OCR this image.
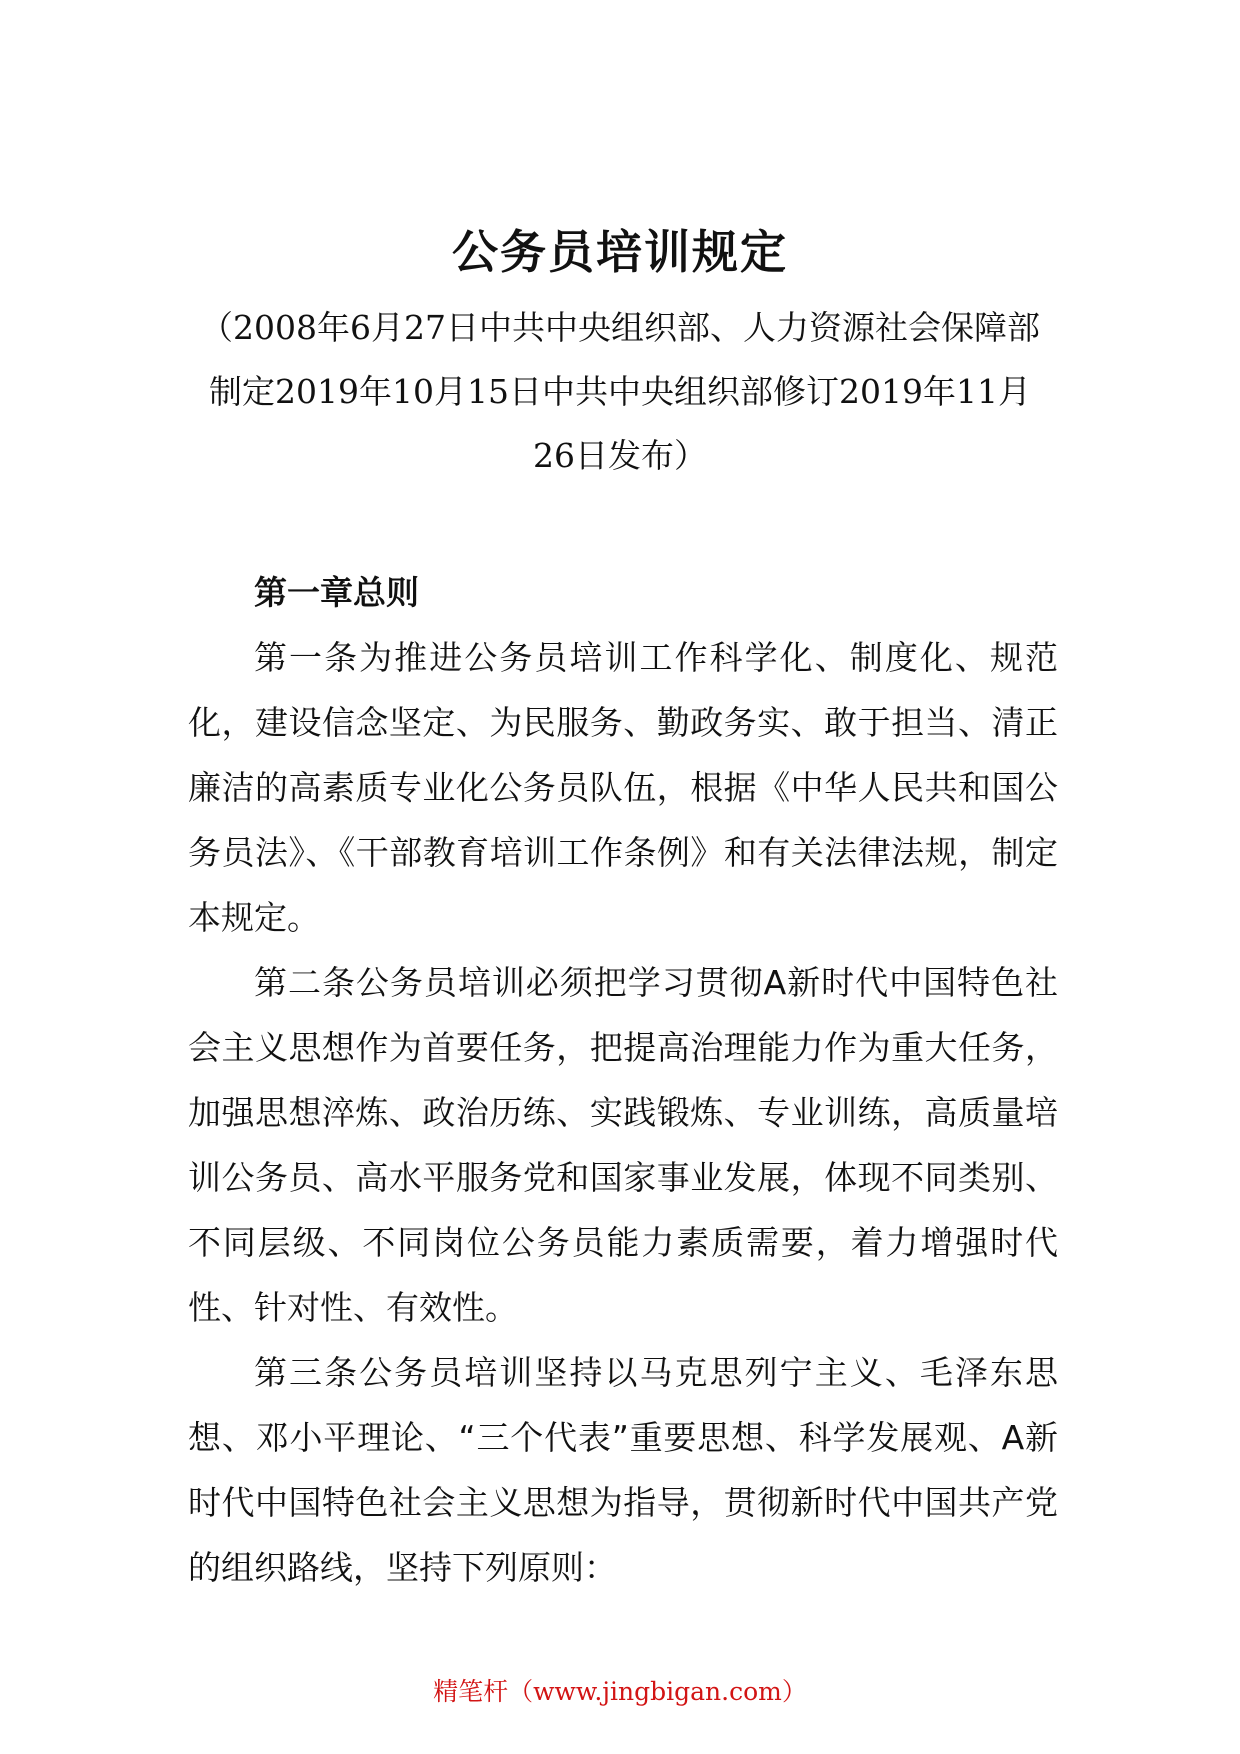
公务员培训规定
（2008年6月27日中共中央组织部、人力资源社会保障部制定2019年10月15日中共中央组织部修订2019年11月26日发布）

第一章总则

第一条为推进公务员培训工作科学化、制度化、规范化，建设信念坚定、为民服务、勤政务实、敢于担当、清正廉洁的高素质专业化公务员队伍，根据《中华人民共和国公务员法》、《干部教育培训工作条例》和有关法律法规，制定本规定。

第二条公务员培训必须把学习贯彻A新时代中国特色社会主义思想作为首要任务，把提高治理能力作为重大任务，加强思想淬炼、政治历练、实践锻炼、专业训练，高质量培训公务员、高水平服务党和国家事业发展，体现不同类别、不同层级、不同岗位公务员能力素质需要，着力增强时代性、针对性、有效性。

第三条公务员培训坚持以马克思列宁主义、毛泽东思想、邓小平理论、“三个代表”重要思想、科学发展观、A新时代中国特色社会主义思想为指导，贯彻新时代中国共产党的组织路线，坚持下列原则：

精笔杆（www.jingbigan.com）
